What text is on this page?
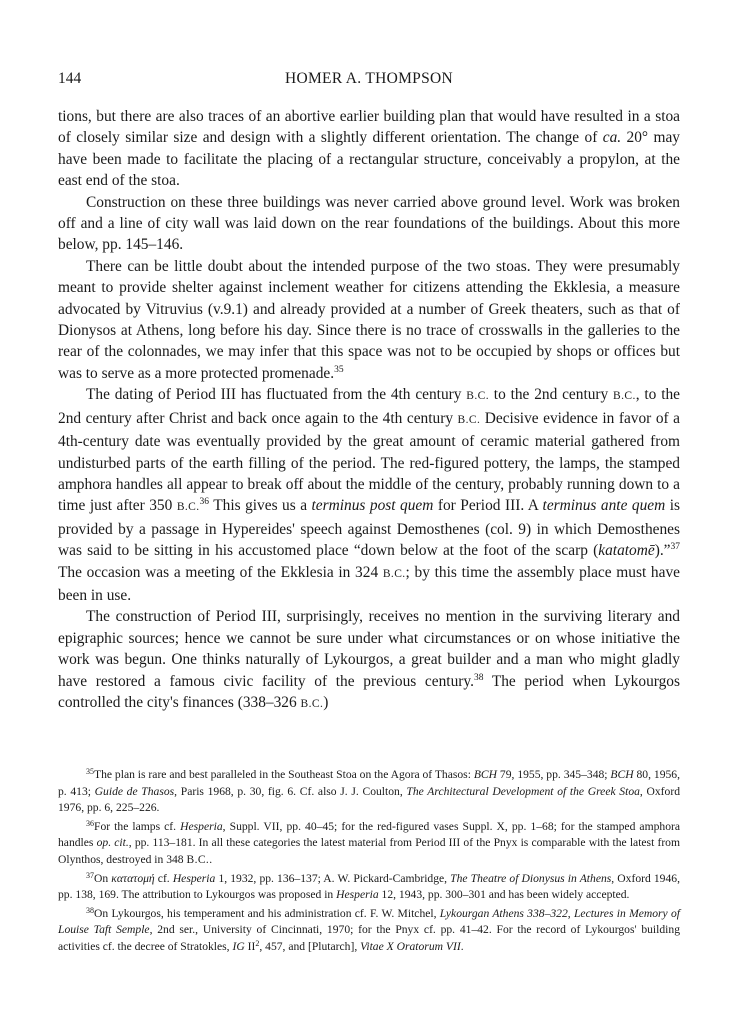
144	HOMER A. THOMPSON

tions, but there are also traces of an abortive earlier building plan that would have resulted in a stoa of closely similar size and design with a slightly different orientation. The change of ca. 20° may have been made to facilitate the placing of a rectangular structure, conceivably a propylon, at the east end of the stoa.

Construction on these three buildings was never carried above ground level. Work was broken off and a line of city wall was laid down on the rear foundations of the buildings. About this more below, pp. 145–146.

There can be little doubt about the intended purpose of the two stoas. They were presumably meant to provide shelter against inclement weather for citizens attending the Ekklesia, a measure advocated by Vitruvius (v.9.1) and already provided at a number of Greek theaters, such as that of Dionysos at Athens, long before his day. Since there is no trace of crosswalls in the galleries to the rear of the colonnades, we may infer that this space was not to be occupied by shops or offices but was to serve as a more protected promenade.$^{35}$

The dating of Period III has fluctuated from the 4th century B.C. to the 2nd century B.C., to the 2nd century after Christ and back once again to the 4th century B.C. Decisive evidence in favor of a 4th-century date was eventually provided by the great amount of ceramic material gathered from undisturbed parts of the earth filling of the period. The red-figured pottery, the lamps, the stamped amphora handles all appear to break off about the middle of the century, probably running down to a time just after 350 B.C.$^{36}$ This gives us a terminus post quem for Period III. A terminus ante quem is provided by a passage in Hypereides' speech against Demosthenes (col. 9) in which Demosthenes was said to be sitting in his accustomed place “down below at the foot of the scarp (katatomē).”$^{37}$ The occasion was a meeting of the Ekklesia in 324 B.C.; by this time the assembly place must have been in use.

The construction of Period III, surprisingly, receives no mention in the surviving literary and epigraphic sources; hence we cannot be sure under what circumstances or on whose initiative the work was begun. One thinks naturally of Lykourgos, a great builder and a man who might gladly have restored a famous civic facility of the previous century.$^{38}$ The period when Lykourgos controlled the city's finances (338–326 B.C.)

$^{35}$The plan is rare and best paralleled in the Southeast Stoa on the Agora of Thasos: BCH 79, 1955, pp. 345–348; BCH 80, 1956, p. 413; Guide de Thasos, Paris 1968, p. 30, fig. 6. Cf. also J. J. Coulton, The Architectural Development of the Greek Stoa, Oxford 1976, pp. 6, 225–226.

$^{36}$For the lamps cf. Hesperia, Suppl. VII, pp. 40–45; for the red-figured vases Suppl. X, pp. 1–68; for the stamped amphora handles op. cit., pp. 113–181. In all these categories the latest material from Period III of the Pnyx is comparable with the latest from Olynthos, destroyed in 348 B.C..

$^{37}$On κατατομή cf. Hesperia 1, 1932, pp. 136–137; A. W. Pickard-Cambridge, The Theatre of Dionysus in Athens, Oxford 1946, pp. 138, 169. The attribution to Lykourgos was proposed in Hesperia 12, 1943, pp. 300–301 and has been widely accepted.

$^{38}$On Lykourgos, his temperament and his administration cf. F. W. Mitchel, Lykourgan Athens 338–322, Lectures in Memory of Louise Taft Semple, 2nd ser., University of Cincinnati, 1970; for the Pnyx cf. pp. 41–42. For the record of Lykourgos' building activities cf. the decree of Stratokles, IG $II^2$, 457, and [Plutarch], Vitae X Oratorum VII.
